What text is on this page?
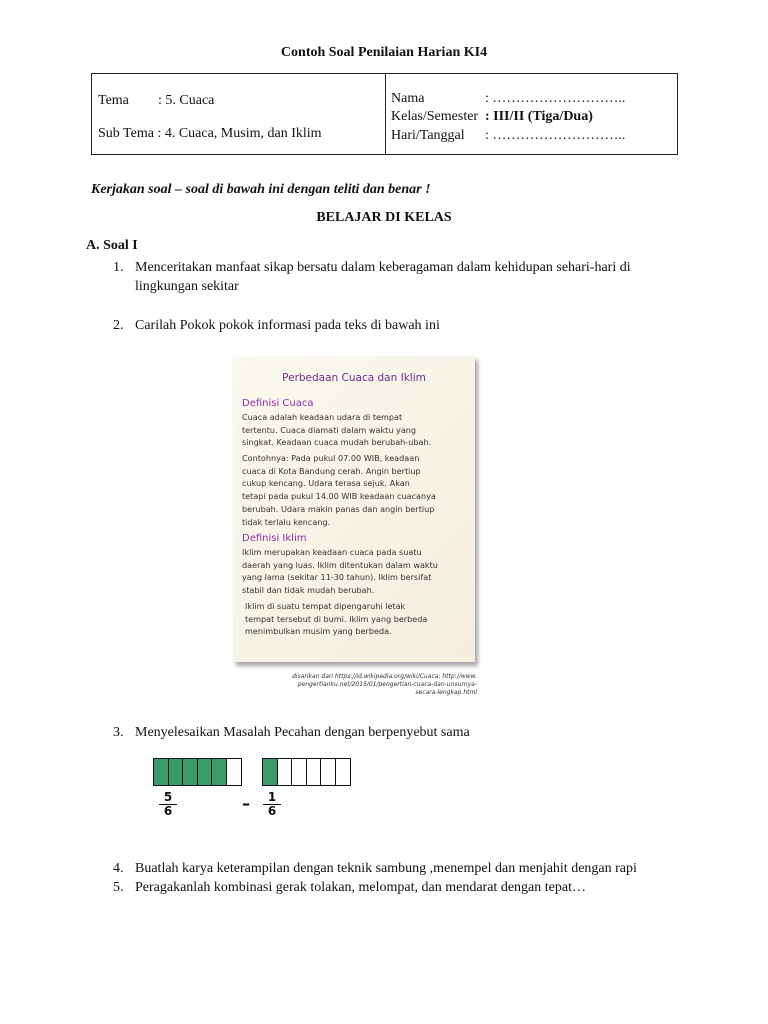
Contoh Soal Penilaian Harian KI4
Tema : 5. Cuaca
Sub Tema : 4. Cuaca, Musim, dan Iklim
Nama	: ………………………..
Kelas/Semester : III/II (Tiga/Dua)
Hari/Tanggal : ………………………..
Kerjakan soal – soal di bawah ini dengan teliti dan benar !
BELAJAR DI KELAS
A. Soal I
1. Menceritakan manfaat sikap bersatu dalam keberagaman dalam kehidupan sehari-hari di
lingkungan sekitar
2. Carilah Pokok pokok informasi pada teks di bawah ini
Perbedaan Cuaca dan Iklim
Definisi Cuaca
Cuaca adalah keadaan udara di tempat
tertentu. Cuaca diamati dalam waktu yang
singkat. Keadaan cuaca mudah berubah-ubah.
Contohnya: Pada pukul 07.00 WIB, keadaan
cuaca di Kota Bandung cerah. Angin bertiup
cukup kencang. Udara terasa sejuk. Akan
tetapi pada pukul 14.00 WIB keadaan cuacanya
berubah. Udara makin panas dan angin bertiup
tidak terlalu kencang.
Definisi Iklim
Iklim merupakan keadaan cuaca pada suatu
daerah yang luas. Iklim ditentukan dalam waktu
yang lama (sekitar 11-30 tahun). Iklim bersifat
stabil dan tidak mudah berubah.
Iklim di suatu tempat dipengaruhi letak
tempat tersebut di bumi. Iklim yang berbeda
menimbulkan musim yang berbeda.
disarikan dari https://id.wikipedia.org/wiki/Cuaca; http://www.
pengertianku.net/2015/01/pengertian-cuaca-dan-unsurnya-
secara-lengkap.html
3. Menyelesaikan Masalah Pecahan dengan berpenyebut sama
5
6	–	1
6
4. Buatlah karya keterampilan dengan teknik sambung ,menempel dan menjahit dengan rapi
5. Peragakanlah kombinasi gerak tolakan, melompat, dan mendarat dengan tepat…
